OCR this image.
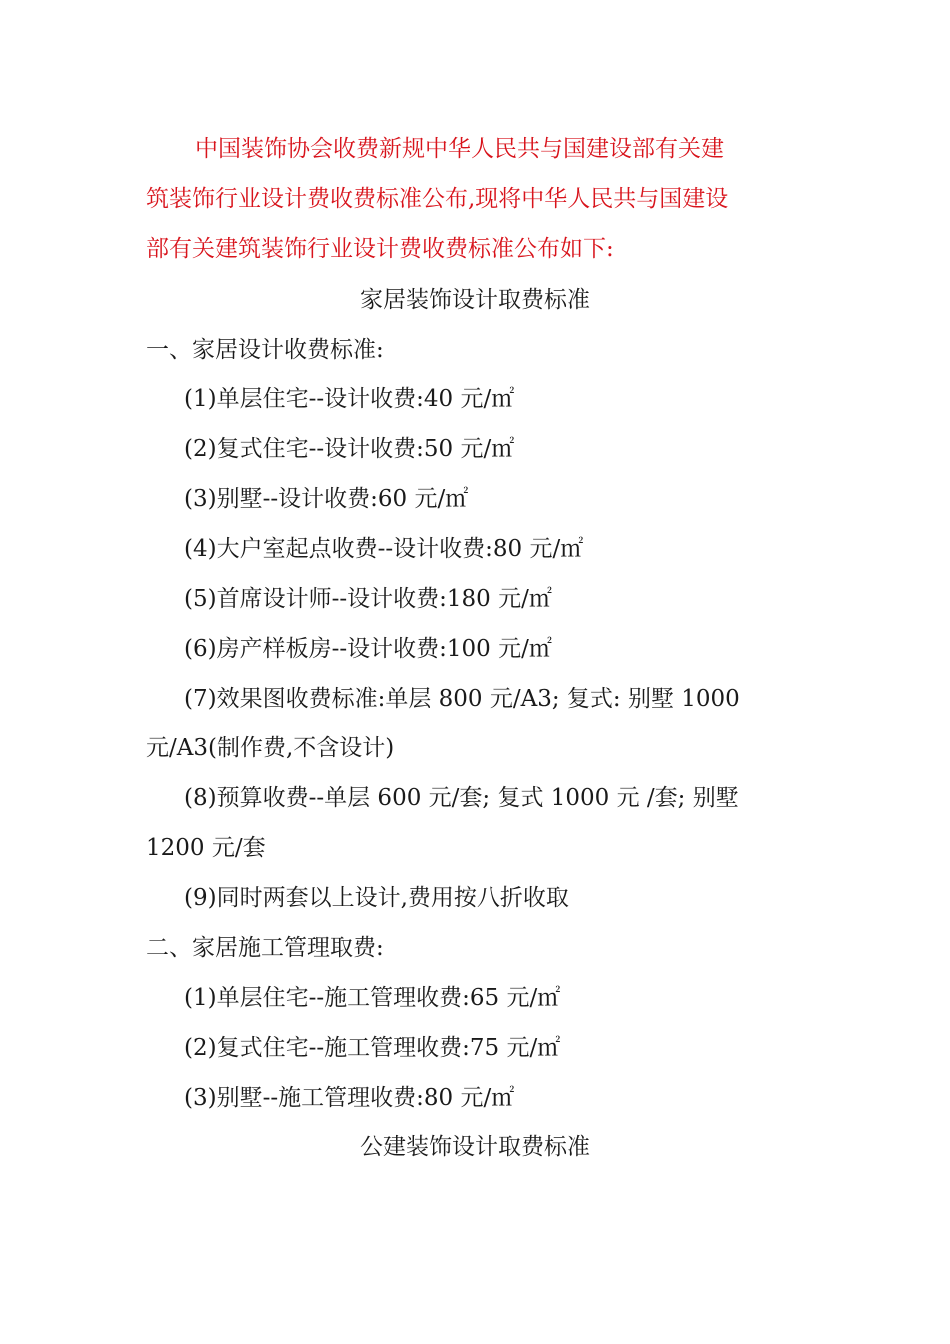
中国装饰协会收费新规中华人民共与国建设部有关建
筑装饰行业设计费收费标准公布,现将中华人民共与国建设
部有关建筑装饰行业设计费收费标准公布如下:
家居装饰设计取费标准
一、家居设计收费标准:
(1)单层住宅--设计收费:40 元/㎡
(2)复式住宅--设计收费:50 元/㎡
(3)别墅--设计收费:60 元/㎡
(4)大户室起点收费--设计收费:80 元/㎡
(5)首席设计师--设计收费:180 元/㎡
(6)房产样板房--设计收费:100 元/㎡
(7)效果图收费标准:单层 800 元/A3; 复式: 别墅 1000
元/A3(制作费,不含设计)
(8)预算收费--单层 600 元/套; 复式 1000 元 /套; 别墅
1200 元/套
(9)同时两套以上设计,费用按八折收取
二、家居施工管理取费:
(1)单层住宅--施工管理收费:65 元/㎡
(2)复式住宅--施工管理收费:75 元/㎡
(3)别墅--施工管理收费:80 元/㎡
公建装饰设计取费标准
